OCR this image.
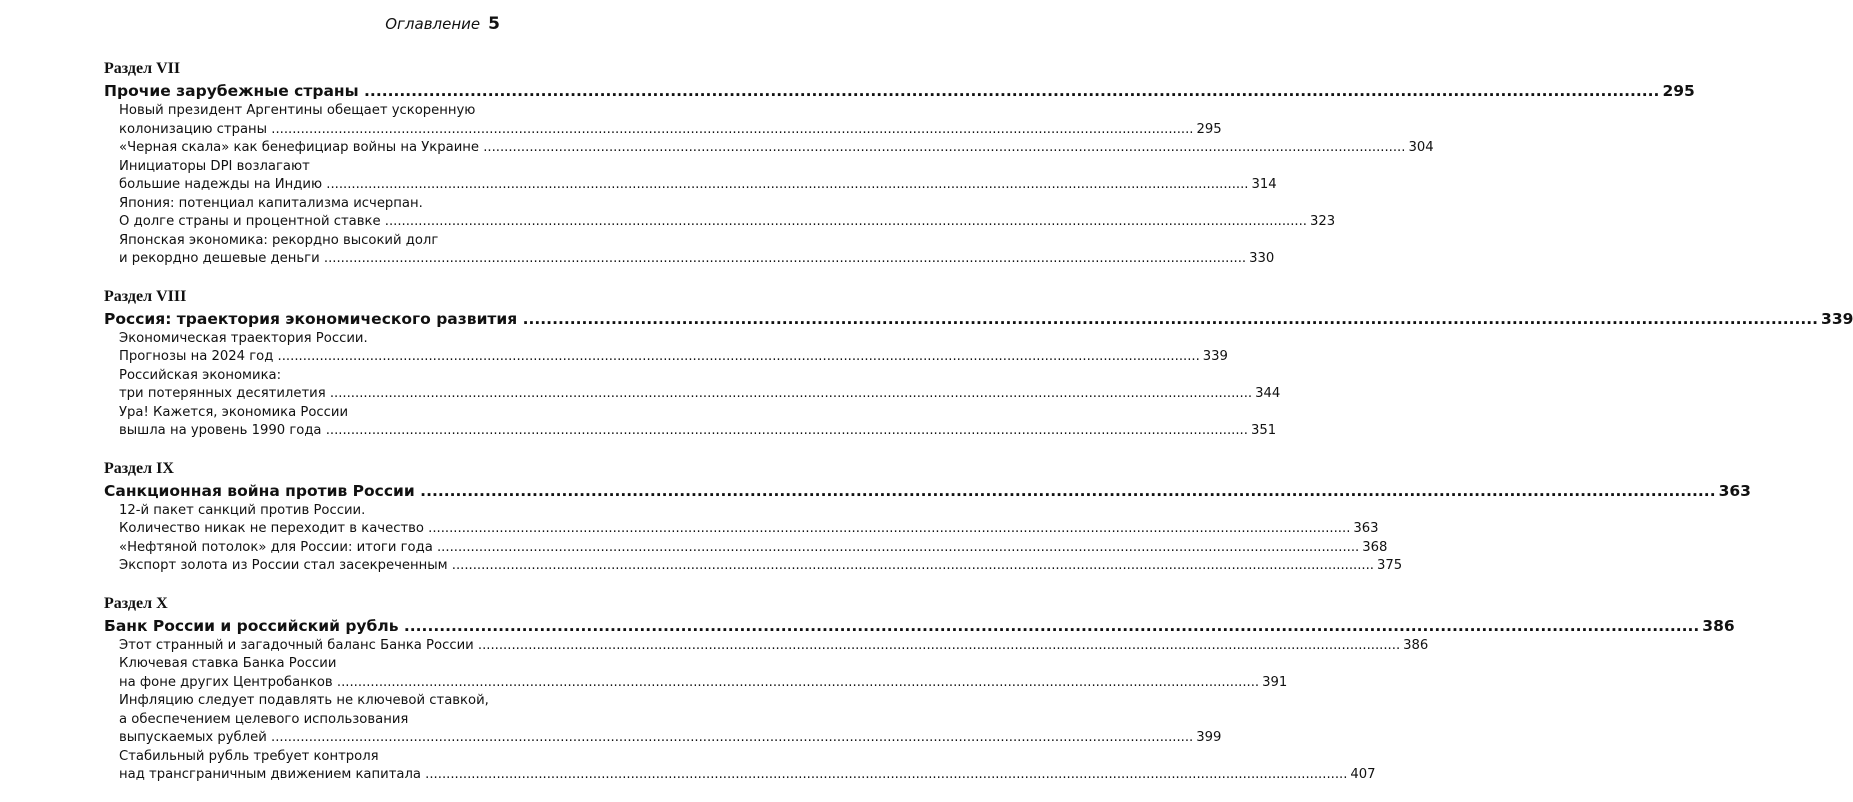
Оглавление 5
Раздел VII
Прочие зарубежные страны .....	295
Новый президент Аргентины обещает ускоренную
колонизацию страны .....	295
«Черная скала» как бенефициар войны на Украине .....	304
Инициаторы DPI возлагают
большие надежды на Индию .....	314
Япония: потенциал капитализма исчерпан.
О долге страны и процентной ставке .....	323
Японская экономика: рекордно высокий долг
и рекордно дешевые деньги .....	330
Раздел VIII
Россия: траектория экономического развития .....	339
Экономическая траектория России.
Прогнозы на 2024 год .....	339
Российская экономика:
три потерянных десятилетия .....	344
Ура! Кажется, экономика России
вышла на уровень 1990 года .....	351
Раздел IX
Санкционная война против России .....	363
12-й пакет санкций против России.
Количество никак не переходит в качество .....	363
«Нефтяной потолок» для России: итоги года .....	368
Экспорт золота из России стал засекреченным .....	375
Раздел X
Банк России и российский рубль .....	386
Этот странный и загадочный баланс Банка России .....	386
Ключевая ставка Банка России
на фоне других Центробанков .....	391
Инфляцию следует подавлять не ключевой ставкой,
а обеспечением целевого использования
выпускаемых рублей .....	399
Стабильный рубль требует контроля
над трансграничным движением капитала .....	407
